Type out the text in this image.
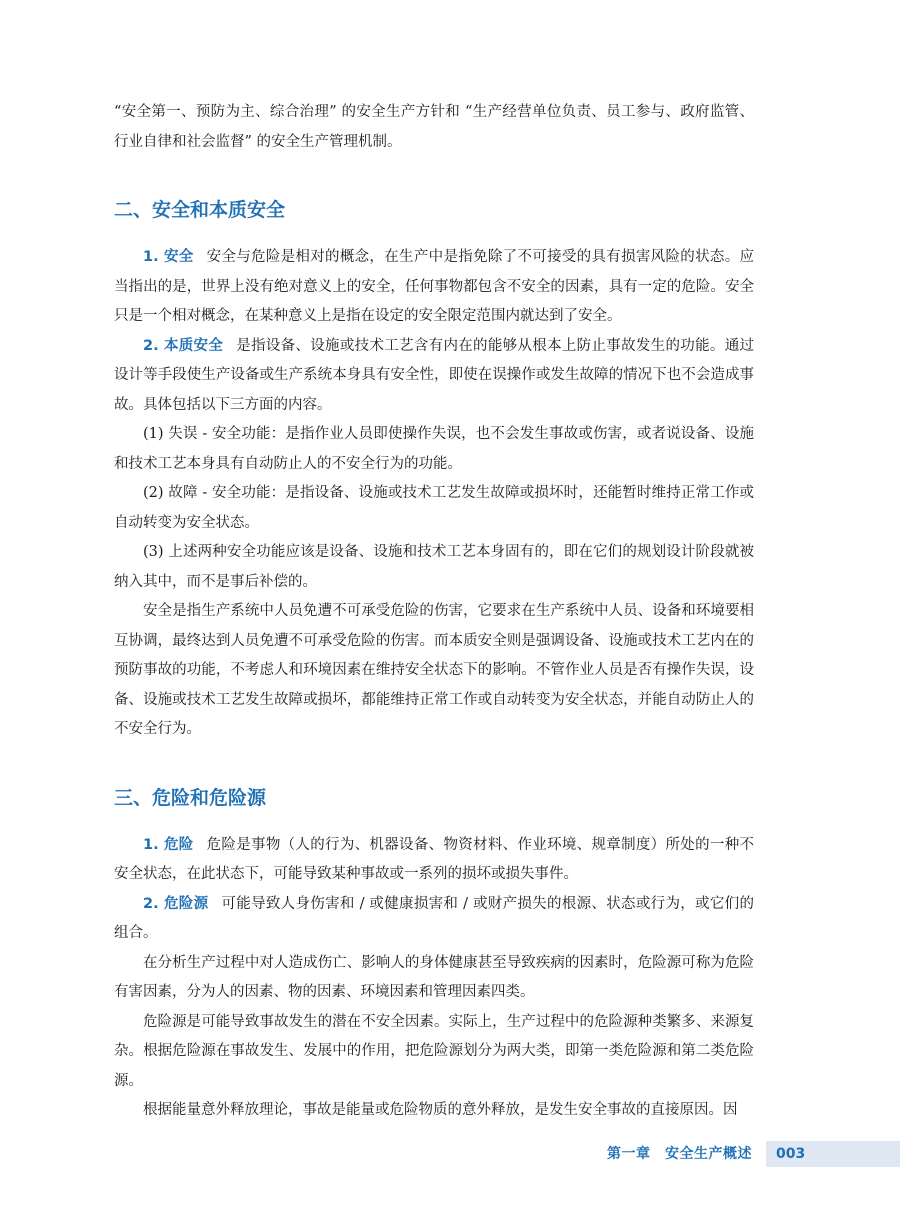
“安全第一、预防为主、综合治理” 的安全生产方针和 “生产经营单位负责、员工参与、政府监管、行业自律和社会监督” 的安全生产管理机制。

二、安全和本质安全

1. 安全 安全与危险是相对的概念，在生产中是指免除了不可接受的具有损害风险的状态。应当指出的是，世界上没有绝对意义上的安全，任何事物都包含不安全的因素，具有一定的危险。安全只是一个相对概念，在某种意义上是指在设定的安全限定范围内就达到了安全。

2. 本质安全 是指设备、设施或技术工艺含有内在的能够从根本上防止事故发生的功能。通过设计等手段使生产设备或生产系统本身具有安全性，即使在误操作或发生故障的情况下也不会造成事故。具体包括以下三方面的内容。

(1) 失误 - 安全功能：是指作业人员即使操作失误，也不会发生事故或伤害，或者说设备、设施和技术工艺本身具有自动防止人的不安全行为的功能。

(2) 故障 - 安全功能：是指设备、设施或技术工艺发生故障或损坏时，还能暂时维持正常工作或自动转变为安全状态。

(3) 上述两种安全功能应该是设备、设施和技术工艺本身固有的，即在它们的规划设计阶段就被纳入其中，而不是事后补偿的。

安全是指生产系统中人员免遭不可承受危险的伤害，它要求在生产系统中人员、设备和环境要相互协调，最终达到人员免遭不可承受危险的伤害。而本质安全则是强调设备、设施或技术工艺内在的预防事故的功能，不考虑人和环境因素在维持安全状态下的影响。不管作业人员是否有操作失误，设备、设施或技术工艺发生故障或损坏，都能维持正常工作或自动转变为安全状态，并能自动防止人的不安全行为。

三、危险和危险源

1. 危险 危险是事物（人的行为、机器设备、物资材料、作业环境、规章制度）所处的一种不安全状态，在此状态下，可能导致某种事故或一系列的损坏或损失事件。

2. 危险源 可能导致人身伤害和 / 或健康损害和 / 或财产损失的根源、状态或行为，或它们的组合。

在分析生产过程中对人造成伤亡、影响人的身体健康甚至导致疾病的因素时，危险源可称为危险有害因素，分为人的因素、物的因素、环境因素和管理因素四类。

危险源是可能导致事故发生的潜在不安全因素。实际上，生产过程中的危险源种类繁多、来源复杂。根据危险源在事故发生、发展中的作用，把危险源划分为两大类，即第一类危险源和第二类危险源。

根据能量意外释放理论，事故是能量或危险物质的意外释放，是发生安全事故的直接原因。因

第一章　安全生产概述 003
